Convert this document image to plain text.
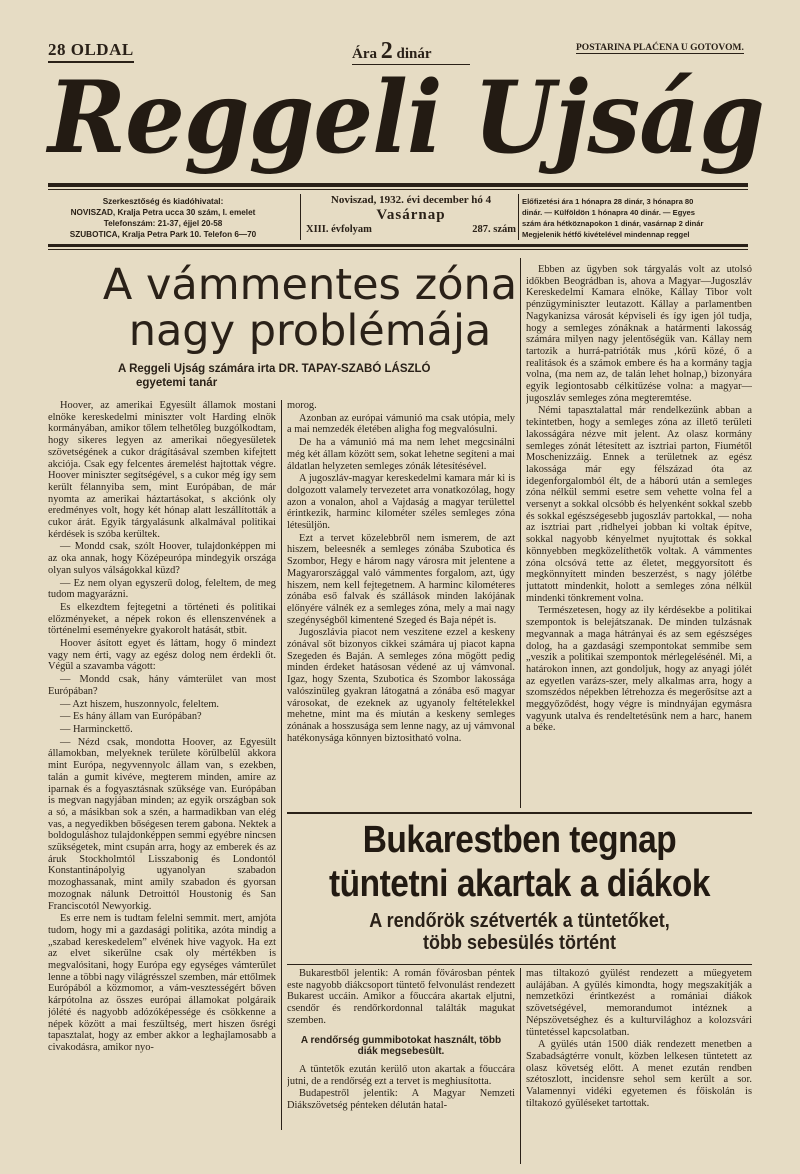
28 OLDAL	Ára 2 dinár	POSTARINA PLAĆENA U GOTOVOM.
Reggeli Ujság
Szerkesztőség és kiadóhivatal:
NOVISZAD, Kralja Petra ucca 30 szám, I. emelet
Telefonszám: 21-37, éjjel 20-58
SZUBOTICA, Kralja Petra Park 10. Telefon 6—70
Noviszad, 1932. évi december hó 4
Vasárnap
XIII. évfolyam	287. szám
Előfizetési ára 1 hónapra 28 dinár, 3 hónapra 80
dinár. — Külföldön 1 hónapra 40 dinár. — Egyes
szám ára hétköznapokon 1 dinár, vasárnap 2 dinár
Megjelenik hétfő kivételével mindennap reggel
A vámmentes zóna
nagy problémája
A Reggeli Ujság számára irta DR. TAPAY-SZABÓ LÁSZLÓ
egyetemi tanár

Hoover, az amerikai Egyesült államok mostani elnöke kereskedelmi miniszter volt Harding elnök kormányában, amikor tőlem telhetőleg buzgólkodtam, hogy sikeres legyen az amerikai nőegyesületek szövetségének a cukor drágításával szemben kifejtett akciója. Csak egy felcentes áremelést hajtottak végre. Hoover miniszter segítségével, s a cukor még így sem került félannyiba sem, mint Európában, de már nyomta az amerikai háztartásokat, s akciónk oly eredményes volt, hogy két hónap alatt leszállították a cukor árát. Egyik tárgyalásunk alkalmával politikai kérdések is szóba kerültek.

— Mondd csak, szólt Hoover, tulajdonképpen mi az oka annak, hogy Középeurópa mindegyik országa olyan sulyos válságokkal küzd?

— Ez nem olyan egyszerű dolog, feleltem, de meg tudom magyarázni.

Es elkezdtem fejtegetni a történeti és politikai előzményeket, a népek rokon és ellenszenvének a történelmi eseményekre gyakorolt hatását, stbit.

Hoover ásított egyet és láttam, hogy ő mindezt vagy nem érti, vagy az egész dolog nem érdekli őt. Végül a szavamba vágott:

— Mondd csak, hány vámterület van most Európában?

— Azt hiszem, huszonnyolc, feleltem.

— Es hány állam van Európában?

— Harminckettő.

— Nézd csak, mondotta Hoover, az Egyesült államokban, melyeknek területe körülbelül akkora mint Európa, negyvennyolc állam van, s ezekben, talán a gumit kivéve, megterem minden, amire az iparnak és a fogyasztásnak szüksége van. Európában is megvan nagyjában minden; az egyik országban sok a só, a másikban sok a szén, a harmadikban van elég vas, a negyedikben bőségesen terem gabona. Nektek a boldoguláshoz tulajdonképpen semmi egyébre nincsen szükségetek, mint csupán arra, hogy az emberek és az áruk Stockholmtól Lisszabonig és Londontól Konstantinápolyig ugyanolyan szabadon mozoghassanak, mint amily szabadon és gyorsan mozognak nálunk Detroittól Houstonig és San Franciscotól Newyorkig.

Es erre nem is tudtam felelni semmit. mert, amjóta tudom, hogy mi a gazdasági politika, azóta mindig a „szabad kereskedelem” elvének hive vagyok. Ha ezt az elvet sikerülne csak oly mértékben is megvalósitani, hogy Európa egy egységes vámterület lenne a többi nagy világrésszel szemben, már ettőlmek Európából a közmomor, a vám-vesztességért bőven kárpótolna az összes európai államokat polgáraik jólété és nagyobb adózóképessége és csökkenne a népek között a mai feszültség, mert hiszen ősrégi tapasztalat, hogy az ember akkor a leghajlamosabb a civakodásra, amikor nyo-

morog.

Azonban az európai vámunió ma csak utópia, mely a mai nemzedék életében aligha fog megvalósulni.

De ha a vámunió má ma nem lehet megcsinálni még két állam között sem, sokat lehetne segíteni a mai áldatlan helyzeten semleges zónák létesítésével.

A jugoszláv-magyar kereskedelmi kamara már ki is dolgozott valamely tervezetet arra vonatkozólag, hogy azon a vonalon, ahol a Vajdaság a magyar területtel érintkezik, harminc kilométer széles semleges zóna létesüljön.

Ezt a tervet közelebbről nem ismerem, de azt hiszem, beleesnék a semleges zónába Szubotica és Szombor, Hegy e három nagy városra mit jelentene a Magyarországgal való vámmentes forgalom, azt, úgy hiszem, nem kell fejtegetnem. A harminc kilométeres zónába eső falvak és szállások minden lakójának előnyére válnék ez a semleges zóna, mely a mai nagy szegénységből kimentené Szeged és Baja népét is.

Jugoszlávia piacot nem veszitene ezzel a keskeny zónával sőt bizonyos cikkei számára uj piacot kapna Szegeden és Baján. A semleges zóna mögött pedig minden érdeket hatásosan védené az uj vámvonal. Igaz, hogy Szenta, Szubotica és Szombor lakossága valószinüleg gyakran látogatná a zónába eső magyar városokat, de ezeknek az ugyanoly feltételekkel mehetne, mint ma és miután a keskeny semleges zónának a hosszusága sem lenne nagy, az uj vámvonal hatékonysága könnyen biztositható volna.

Ebben az ügyben sok tárgyalás volt az utolsó időkben Beográdban is, ahova a Magyar—Jugoszláv Kereskedelmi Kamara elnöke, Kállay Tibor volt pénzügyminiszter leutazott. Kállay a parlamentben Nagykanizsa városát képviseli és így igen jól tudja, hogy a semleges zónáknak a határmenti lakosság számára milyen nagy jelentőségük van. Kállay nem tartozik a hurrá-patrióták mus ‚kórű közé, ő a realitások és a számok embere és ha a kormány tagja volna, (ma nem az, de talán lehet holnap,) bizonyára egyik legiontosabb célkitűzése volna: a magyar—jugoszláv semleges zóna megteremtése.

Némi tapasztalattal már rendelkezünk abban a tekintetben, hogy a semleges zóna az illető területi lakosságára nézve mit jelent. Az olasz kormány semleges zónát létesített az isztriai parton, Fiumétől Moschenizzáig. Ennek a területnek az egész lakossága már egy félszázad óta az idegenforgalomból élt, de a háború után a semleges zóna nélkül semmi esetre sem vehette volna fel a versenyt a sokkal olcsóbb és helyenként sokkal szebb és sokkal egészségesebb jugoszláv partokkal, — noha az isztriai part ‚ridhelyei jobban ki voltak építve, sokkal nagyobb kényelmet nyujtottak és sokkal könnyebben megközelíthetők voltak. A vámmentes zóna olcsóvá tette az életet, meggyorsított és megkönnyített minden beszerzést, s nagy jólétbe juttatott mindenkit, holott a semleges zóna nélkül mindenki tönkrement volna.

Természetesen, hogy az ily kérdésekbe a politikai szempontok is belejátszanak. De minden tulzásnak megvannak a maga hátrányai és az sem egészséges dolog, ha a gazdasági szempontokat semmibe sem „veszik a politikai szempontok mérlegelésénél. Mi, a határokon innen, azt gondoljuk, hogy az anyagi jólét az egyetlen varázs-szer, mely alkalmas arra, hogy a szomszédos népekben létrehozza és megerősítse azt a meggyőződést, hogy végre is mindnyájan egymásra vagyunk utalva és rendeltetésünk nem a harc, hanem a béke.

Bukarestben tegnap
tüntetni akartak a diákok
A rendőrök szétverték a tüntetőket,
több sebesülés történt

Bukarestből jelentik: A román fővárosban péntek este nagyobb diákcsoport tüntető felvonulást rendezett Bukarest uccáin. Amikor a főuccára akartak eljutni, csendőr és rendőrkordonnal találták magukat szemben.

A rendőrség gummibotokat használt, több diák megsebesült.

A tüntetők ezután kerülő uton akartak a főuccára jutni, de a rendőrség ezt a tervet is meghiusította.

Budapestről jelentik: A Magyar Nemzeti Diákszövetség pénteken délután hatal-

mas tiltakozó gyülést rendezett a műegyetem aulájában. A gyülés kimondta, hogy megszakítják a nemzetközi érintkezést a romániai diákok szövetségével, memorandumot intéznek a Népszövetséghez és a kulturvilághoz a kolozsvári tüntetéssel kapcsolatban.

A gyülés után 1500 diák rendezett menetben a Szabadságtérre vonult, közben lelkesen tüntetett az olasz követség előtt. A menet ezután rendben szétoszlott, incidensre sehol sem került a sor. Valamennyi vidéki egyetemen és főiskolán is tiltakozó gyüléseket tartottak.
